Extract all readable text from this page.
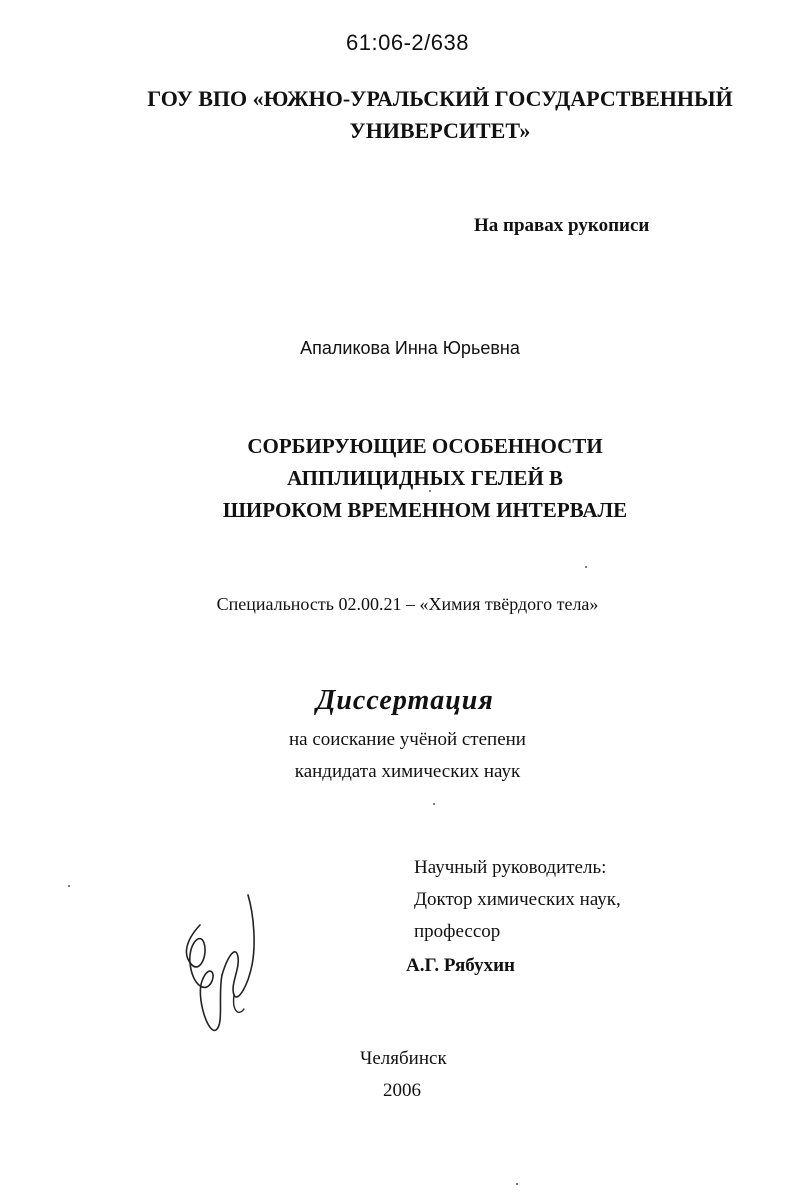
61:06-2/638
ГОУ ВПО «ЮЖНО-УРАЛЬСКИЙ ГОСУДАРСТВЕННЫЙ
УНИВЕРСИТЕТ»
На правах рукописи
Апаликова Инна Юрьевна
СОРБИРУЮЩИЕ ОСОБЕННОСТИ
АППЛИЦИДНЫХ ГЕЛЕЙ В
ШИРОКОМ ВРЕМЕННОМ ИНТЕРВАЛЕ
Специальность 02.00.21 – «Химия твёрдого тела»
Диссертация
на соискание учёной степени
кандидата химических наук
Научный руководитель:
Доктор химических наук,
профессор
А.Г. Рябухин
Челябинск
2006
